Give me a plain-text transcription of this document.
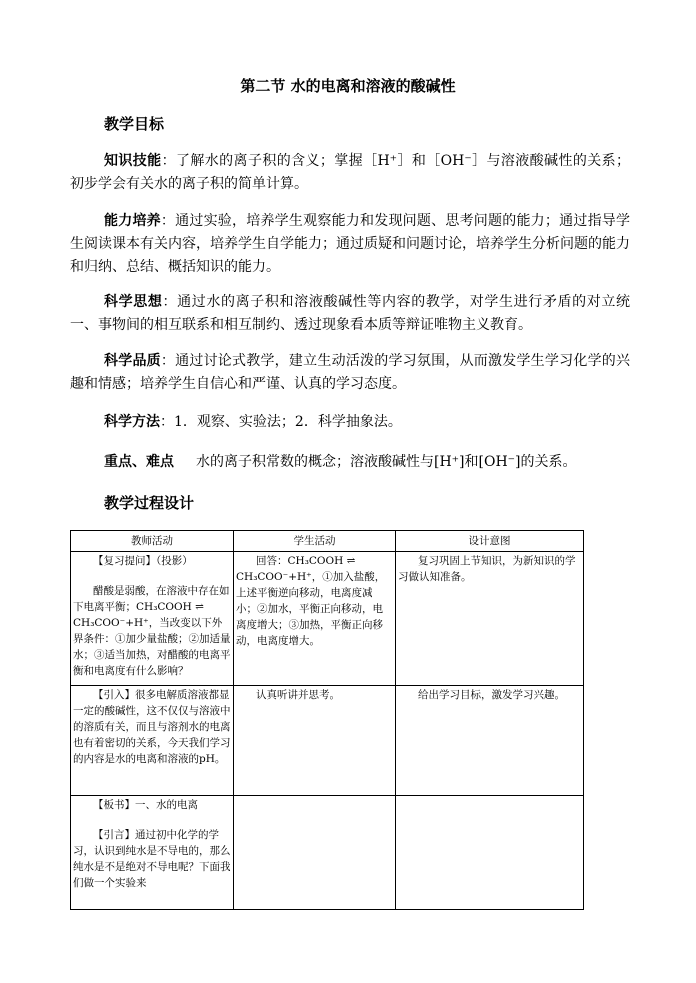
第二节 水的电离和溶液的酸碱性
教学目标
知识技能：了解水的离子积的含义；掌握［H⁺］和［OH⁻］与溶液酸碱性的关系；初步学会有关水的离子积的简单计算。
能力培养：通过实验，培养学生观察能力和发现问题、思考问题的能力；通过指导学生阅读课本有关内容，培养学生自学能力；通过质疑和问题讨论，培养学生分析问题的能力和归纳、总结、概括知识的能力。
科学思想：通过水的离子积和溶液酸碱性等内容的教学，对学生进行矛盾的对立统一、事物间的相互联系和相互制约、透过现象看本质等辩证唯物主义教育。
科学品质：通过讨论式教学，建立生动活泼的学习氛围，从而激发学生学习化学的兴趣和情感；培养学生自信心和严谨、认真的学习态度。
科学方法：1．观察、实验法；2．科学抽象法。
重点、难点 水的离子积常数的概念；溶液酸碱性与[H⁺]和[OH⁻]的关系。
教学过程设计
教师活动	学生活动	设计意图

【复习提问】（投影）

醋酸是弱酸，在溶液中存在如下电离平衡；CH₃COOH ⇌ CH₃COO⁻+H⁺，当改变以下外界条件：①加少量盐酸；②加适量水；③适当加热，对醋酸的电离平衡和电离度有什么影响？	回答：CH₃COOH ⇌ CH₃COO⁻+H⁺，①加入盐酸，上述平衡逆向移动，电离度减小；②加水，平衡正向移动，电离度增大；③加热，平衡正向移动，电离度增大。	复习巩固上节知识，为新知识的学习做认知准备。

【引入】很多电解质溶液都显一定的酸碱性，这不仅仅与溶液中的溶质有关，而且与溶剂水的电离也有着密切的关系，今天我们学习的内容是水的电离和溶液的pH。	认真听讲并思考。	给出学习目标，激发学习兴趣。

【板书】一、水的电离

【引言】通过初中化学的学习，认识到纯水是不导电的，那么纯水是不是绝对不导电呢？下面我们做一个实验来		
